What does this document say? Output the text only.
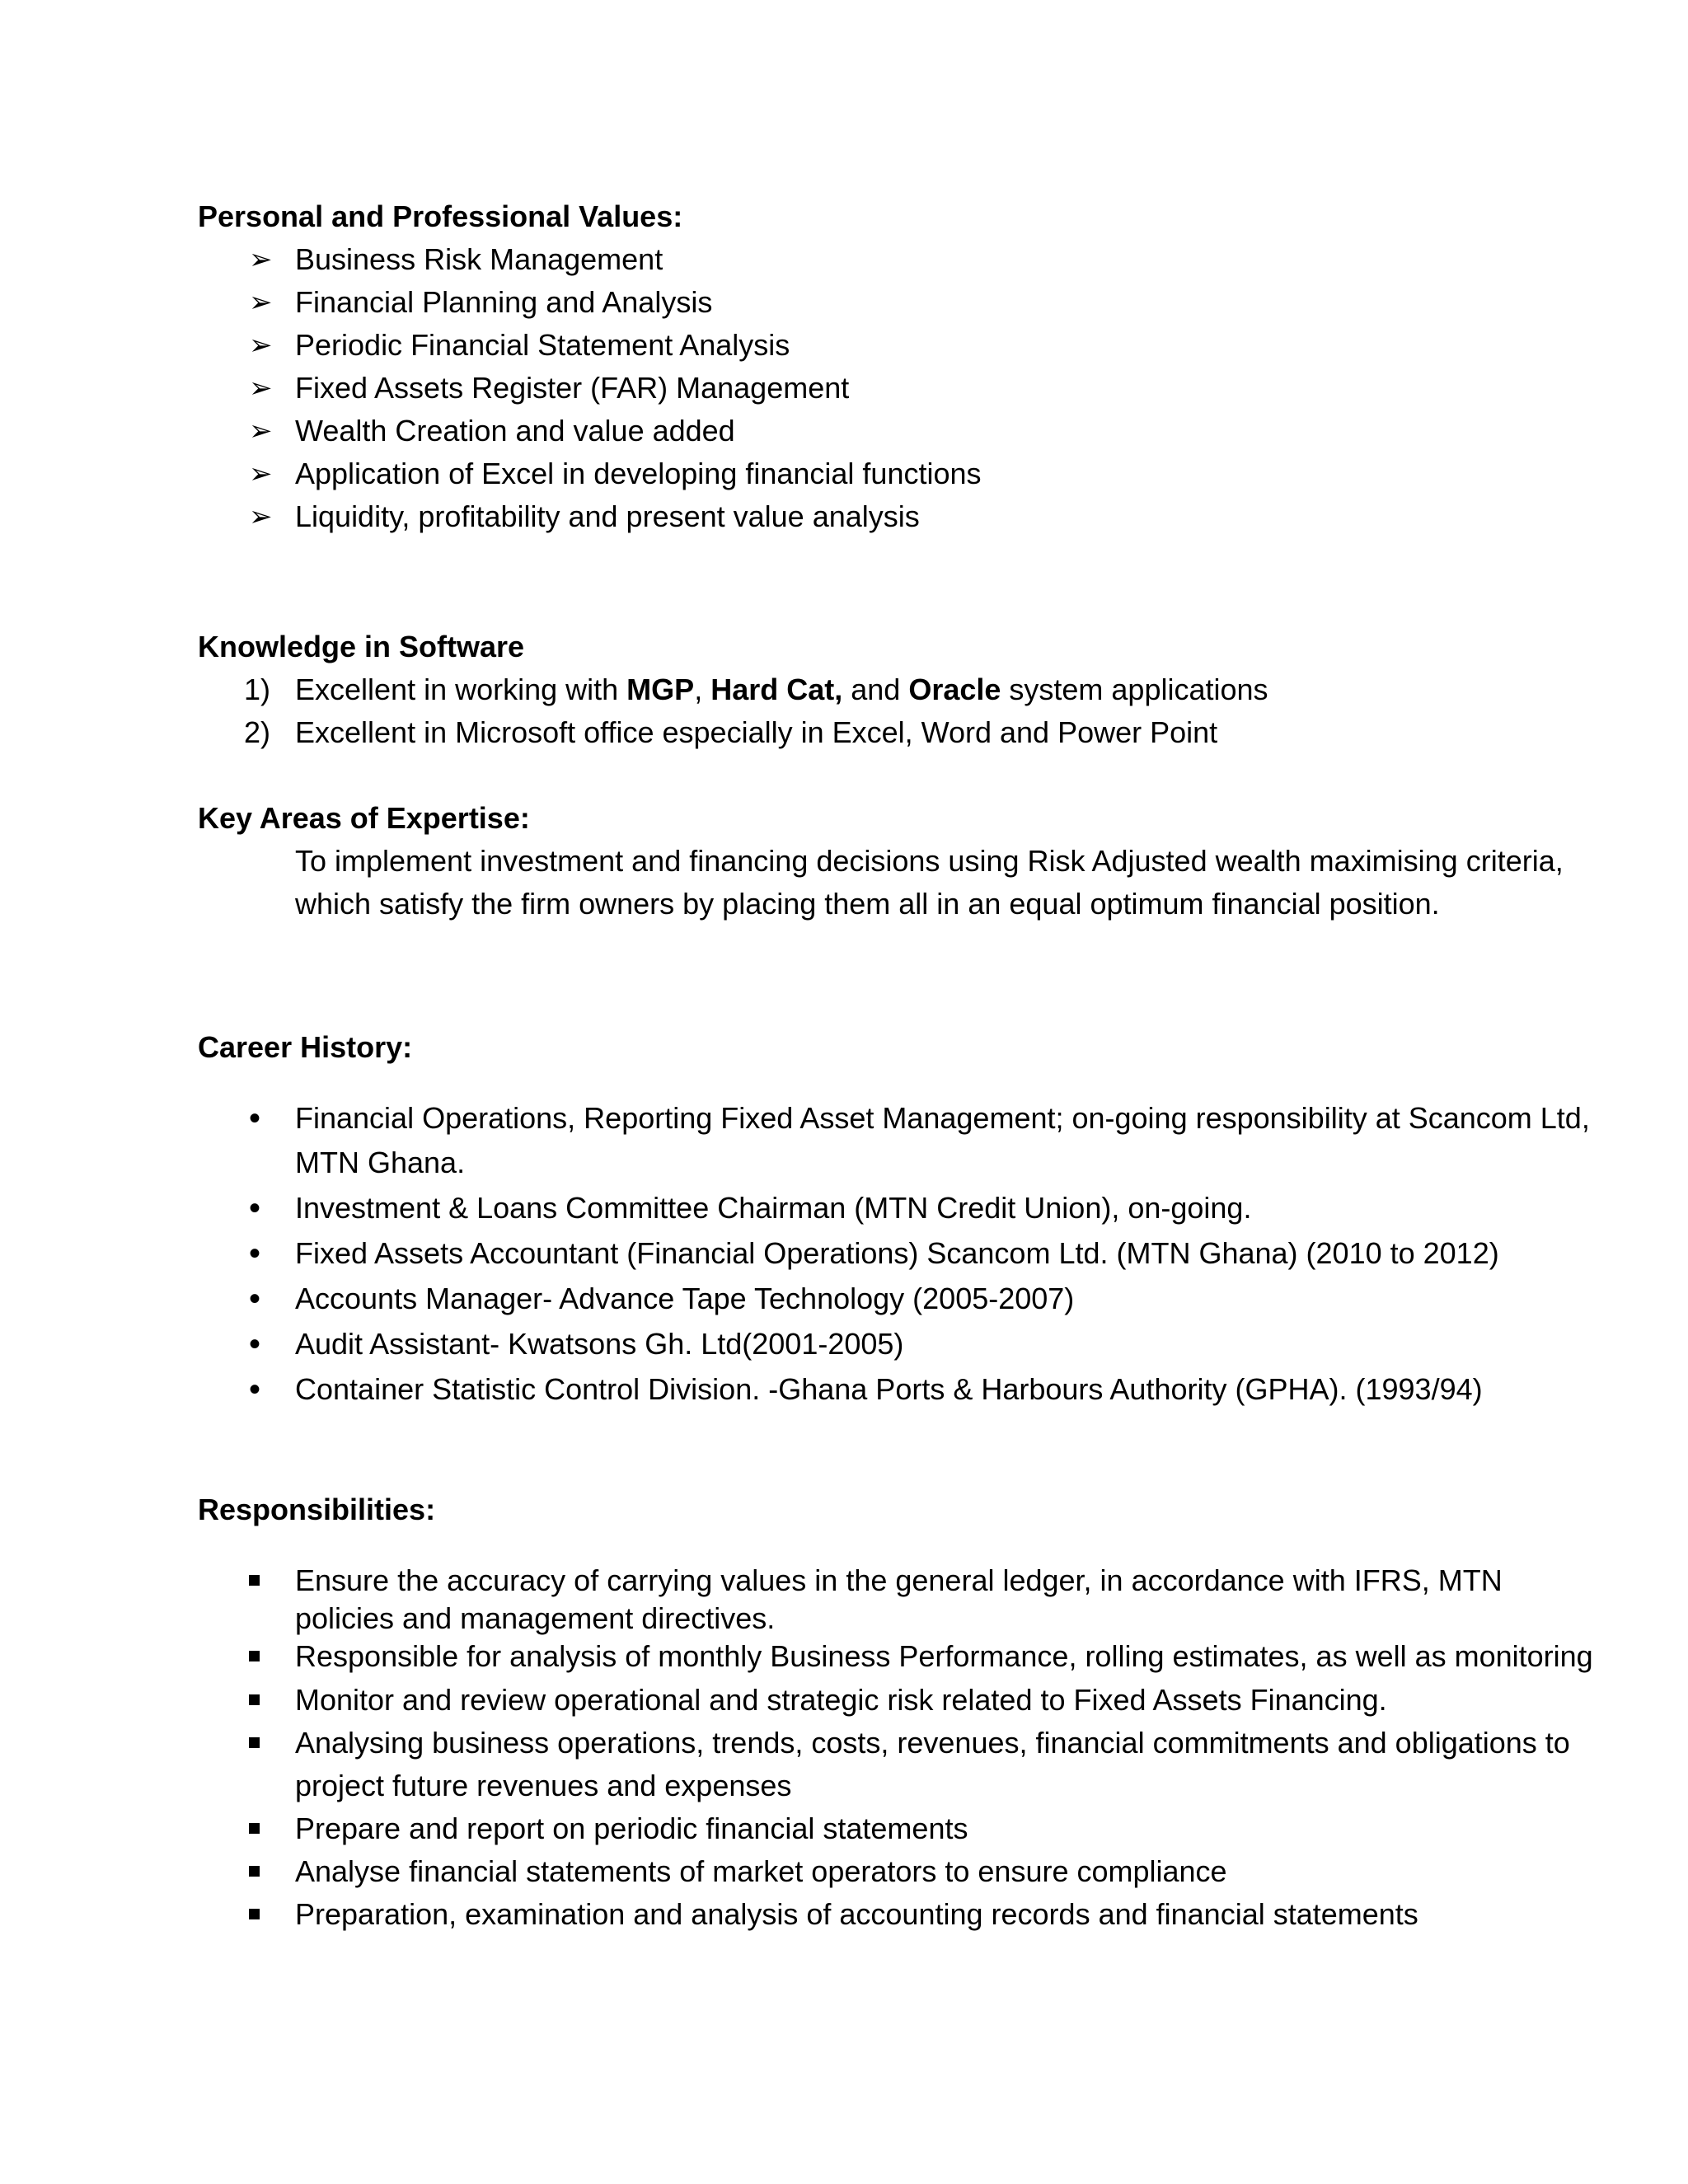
Personal and Professional Values:
➢ Business Risk Management
➢ Financial Planning and Analysis
➢ Periodic Financial Statement Analysis
➢ Fixed Assets Register (FAR) Management
➢ Wealth Creation and value added
➢ Application of Excel in developing financial functions
➢ Liquidity, profitability and present value analysis
Knowledge in Software
1) Excellent in working with MGP, Hard Cat, and Oracle system applications
2) Excellent in Microsoft office especially in Excel, Word and Power Point
Key Areas of Expertise:
To implement investment and financing decisions using Risk Adjusted wealth maximising criteria,
which satisfy the firm owners by placing them all in an equal optimum financial position.
Career History:
•	Financial Operations, Reporting Fixed Asset Management; on-going responsibility at Scancom Ltd,
MTN Ghana.
•	Investment & Loans Committee Chairman (MTN Credit Union), on-going.
•	Fixed Assets Accountant (Financial Operations) Scancom Ltd. (MTN Ghana) (2010 to 2012)
•	Accounts Manager- Advance Tape Technology (2005-2007)
•	Audit Assistant- Kwatsons Gh. Ltd(2001-2005)
•	Container Statistic Control Division. -Ghana Ports & Harbours Authority (GPHA). (1993/94)
Responsibilities:
Ensure the accuracy of carrying values in the general ledger, in accordance with IFRS, MTN
policies and management directives.
Responsible for analysis of monthly Business Performance, rolling estimates, as well as monitoring
Monitor and review operational and strategic risk related to Fixed Assets Financing.
Analysing business operations, trends, costs, revenues, financial commitments and obligations to
project future revenues and expenses
Prepare and report on periodic financial statements
Analyse financial statements of market operators to ensure compliance
Preparation, examination and analysis of accounting records and financial statements
